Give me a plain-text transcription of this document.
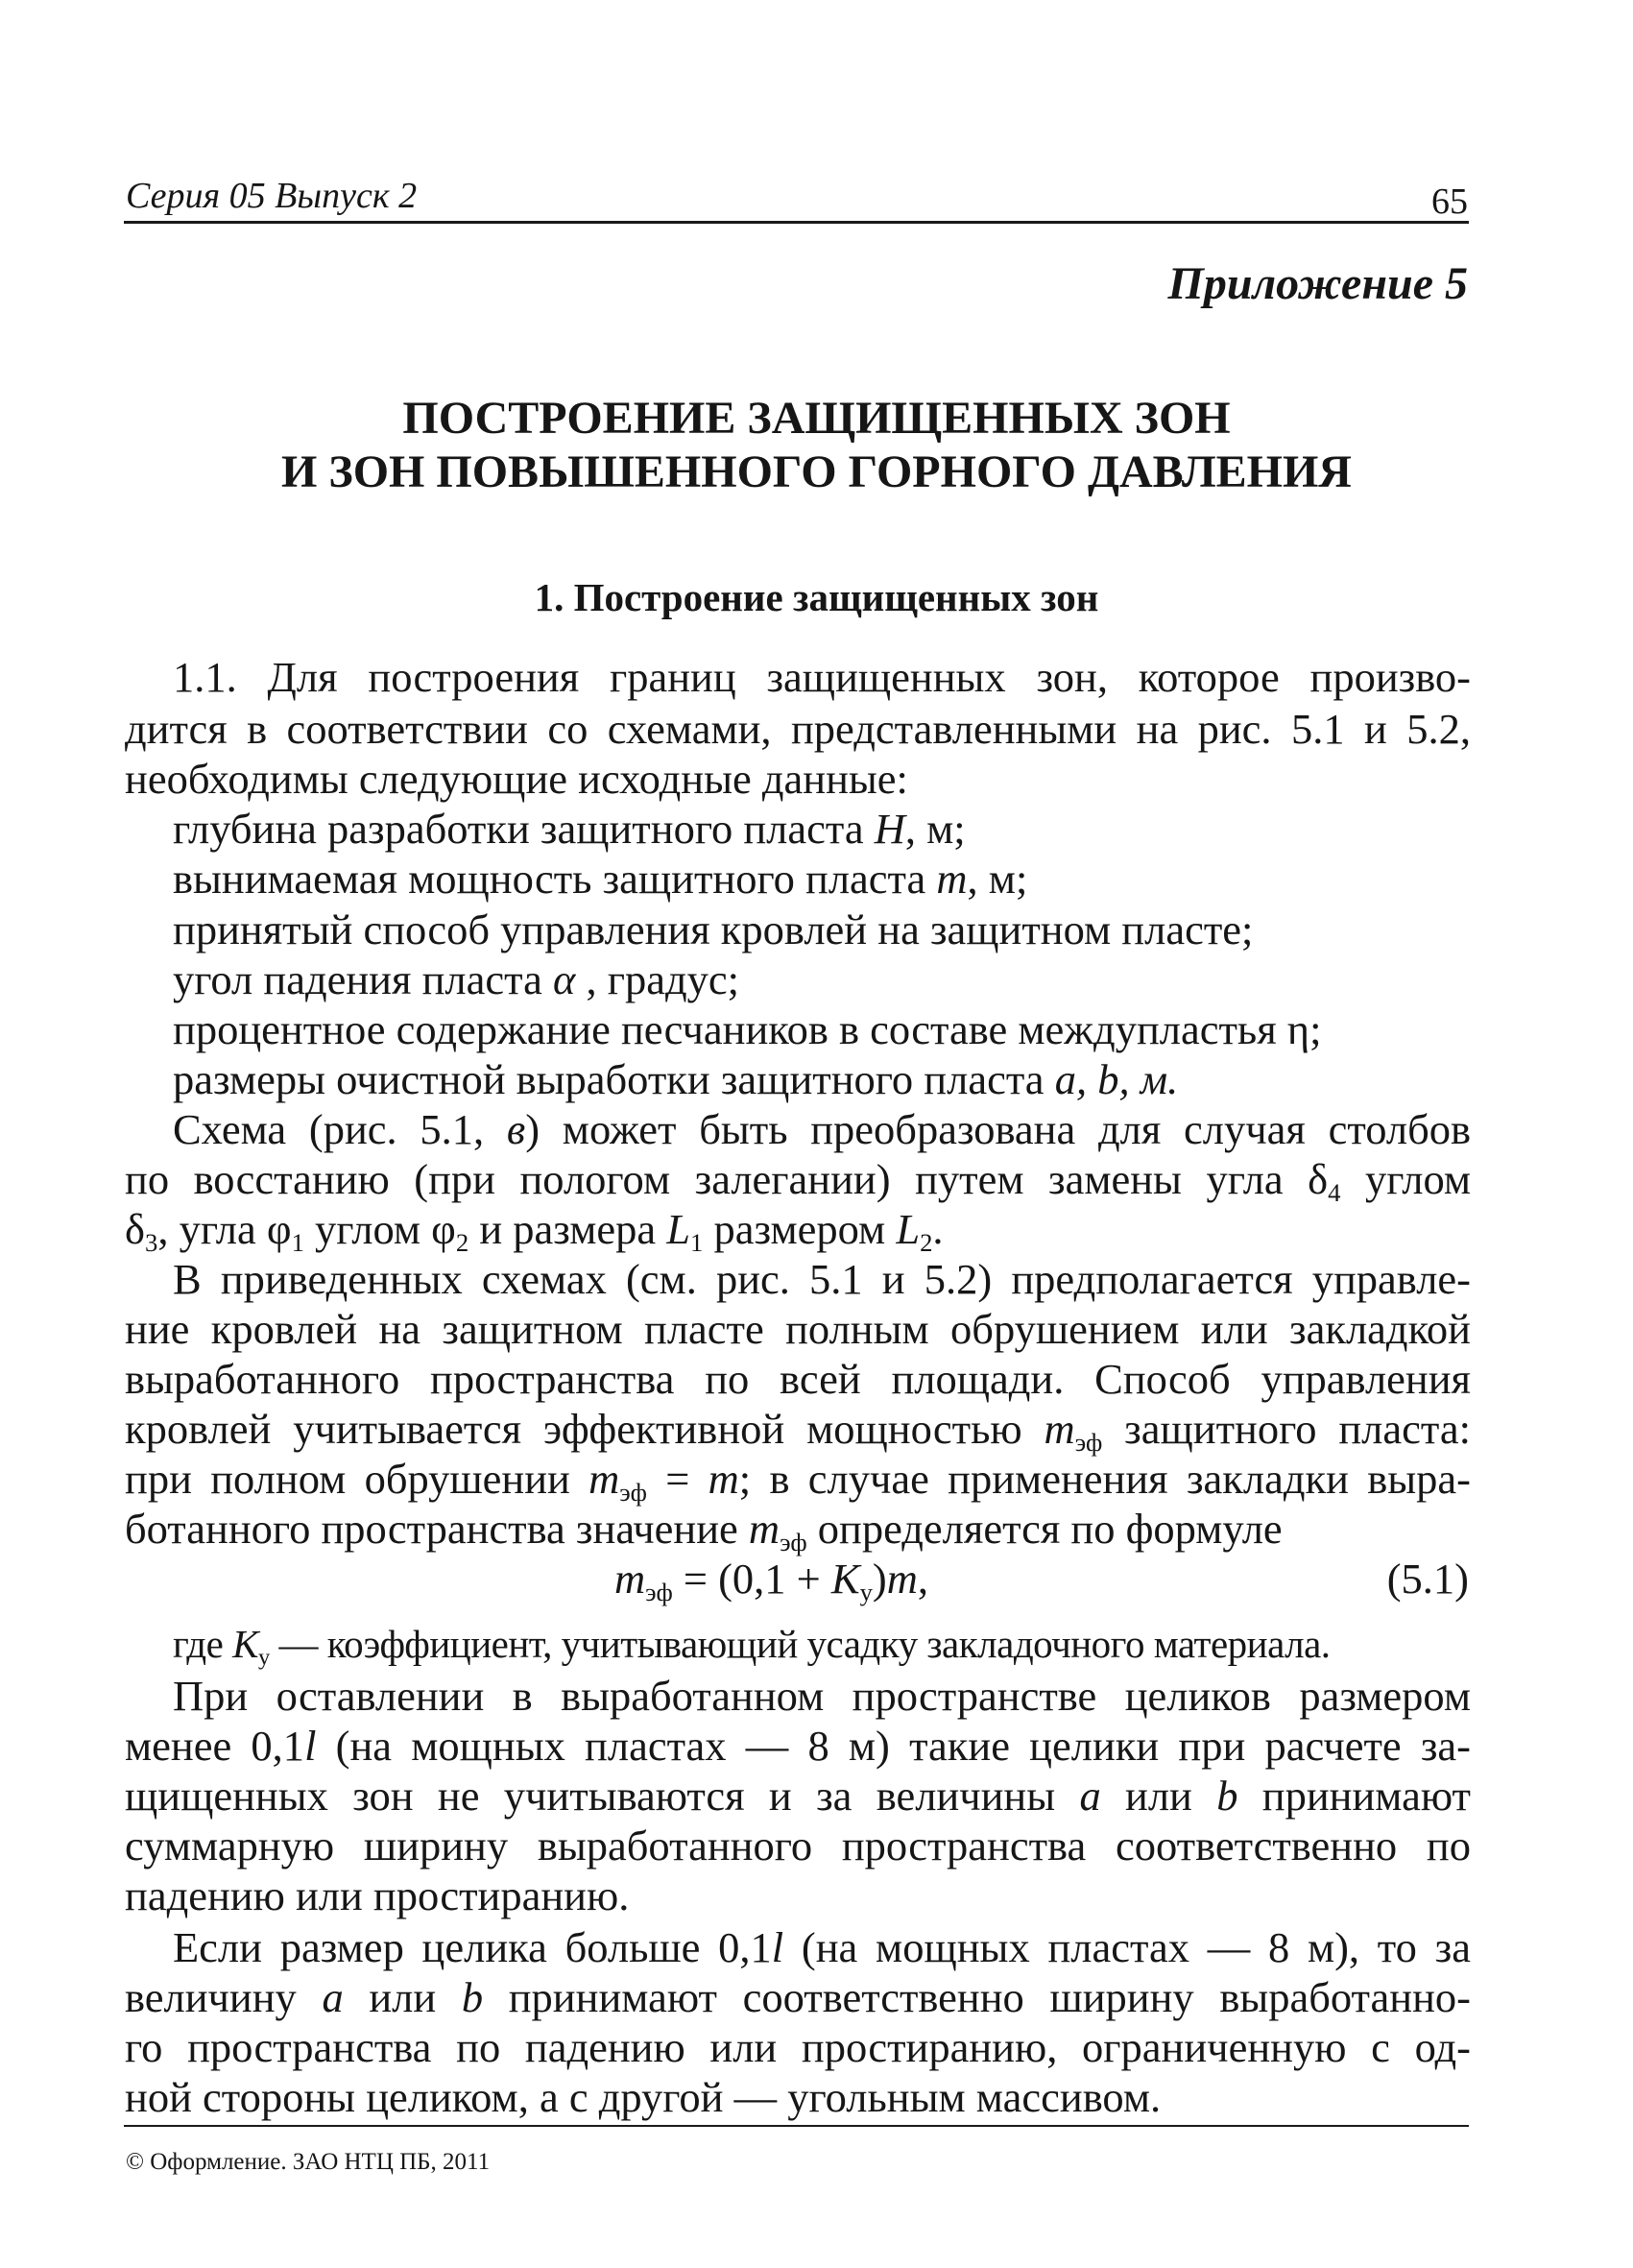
Серия 05 Выпуск 2	65
Приложение 5
ПОСТРОЕНИЕ ЗАЩИЩЕННЫХ ЗОН
И ЗОН ПОВЫШЕННОГО ГОРНОГО ДАВЛЕНИЯ
1. Построение защищенных зон
1.1. Для построения границ защищенных зон, которое произво-
дится в соответствии со схемами, представленными на рис. 5.1 и 5.2,
необходимы следующие исходные данные:
глубина разработки защитного пласта H, м;
вынимаемая мощность защитного пласта m, м;
принятый способ управления кровлей на защитном пласте;
угол падения пласта α , градус;
процентное содержание песчаников в составе междупластья η;
размеры очистной выработки защитного пласта a, b, м.
Схема (рис. 5.1, в) может быть преобразована для случая столбов
по восстанию (при пологом залегании) путем замены угла $\delta_4$ углом
$\delta_3$, угла $\varphi_1$ углом $\varphi_2$ и размера $L_1$ размером $L_2$.
В приведенных схемах (см. рис. 5.1 и 5.2) предполагается управле-
ние кровлей на защитном пласте полным обрушением или закладкой
выработанного пространства по всей площади. Способ управления
кровлей учитывается эффективной мощностью $m_{эф}$ защитного пласта:
при полном обрушении $m_{эф} = m$; в случае применения закладки выра-
ботанного пространства значение $m_{эф}$ определяется по формуле
$m_{эф} = (0,1 + K_у)m$,	(5.1)
где $K_у$ — коэффициент, учитывающий усадку закладочного материала.
При оставлении в выработанном пространстве целиков размером
менее 0,1l (на мощных пластах — 8 м) такие целики при расчете за-
щищенных зон не учитываются и за величины a или b принимают
суммарную ширину выработанного пространства соответственно по
падению или простиранию.
Если размер целика больше 0,1l (на мощных пластах — 8 м), то за
величину a или b принимают соответственно ширину выработанно-
го пространства по падению или простиранию, ограниченную с од-
ной стороны целиком, а с другой — угольным массивом.
© Оформление. ЗАО НТЦ ПБ, 2011
